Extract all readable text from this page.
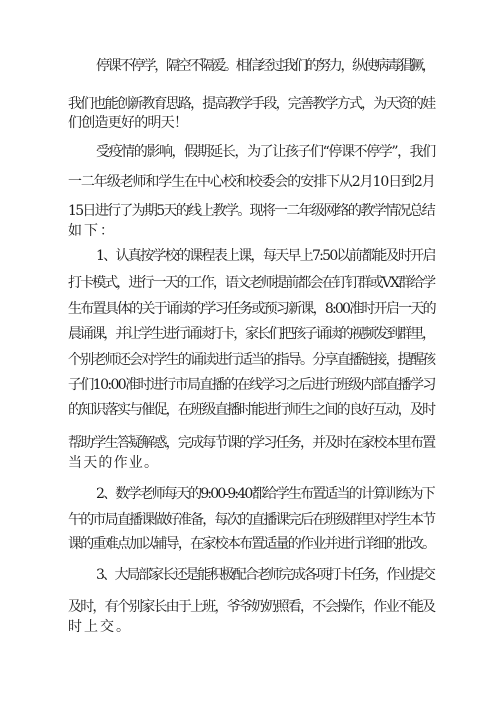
停课不停学，隔空不隔爱。相信经过我们的努力，纵使病毒猖獗，
我们也能创新教育思路，提高教学手段，完善教学方式，为天资的娃
们创造更好的明天！
受疫情的影响，假期延长，为了让孩子们“停课不停学”，我们
一二年级老师和学生在中心校和校委会的安排下从2月10日到2月
15日进行了为期5天的线上教学。现将一二年级网络的教学情况总结
如下：
1、认真按学校的课程表上课，每天早上7:50以前都能及时开启
打卡模式，进行一天的工作，语文老师提前都会在钉钉群或VX群给学
生布置具体的关于诵读的学习任务或预习新课，8:00准时开启一天的
晨诵课，并让学生进行诵读打卡，家长们把孩子诵读的视频发到群里，
个别老师还会对学生的诵读进行适当的指导。分享直播链接，提醒孩
子们10:00准时进行市局直播的在线学习之后进行班级内部直播学习
的知识落实与催促，在班级直播时能进行师生之间的良好互动，及时
帮助学生答疑解惑，完成每节课的学习任务，并及时在家校本里布置
当天的作业。
2、数学老师每天的9:00-9:40都给学生布置适当的计算训练为下
午的市局直播课做好准备，每次的直播课完后在班级群里对学生本节
课的重难点加以辅导，在家校本布置适量的作业并进行详细的批改。
3、大局部家长还是能积极配合老师完成各项打卡任务，作业提交
及时，有个别家长由于上班，爷爷奶奶照看，不会操作，作业不能及
时上交。
